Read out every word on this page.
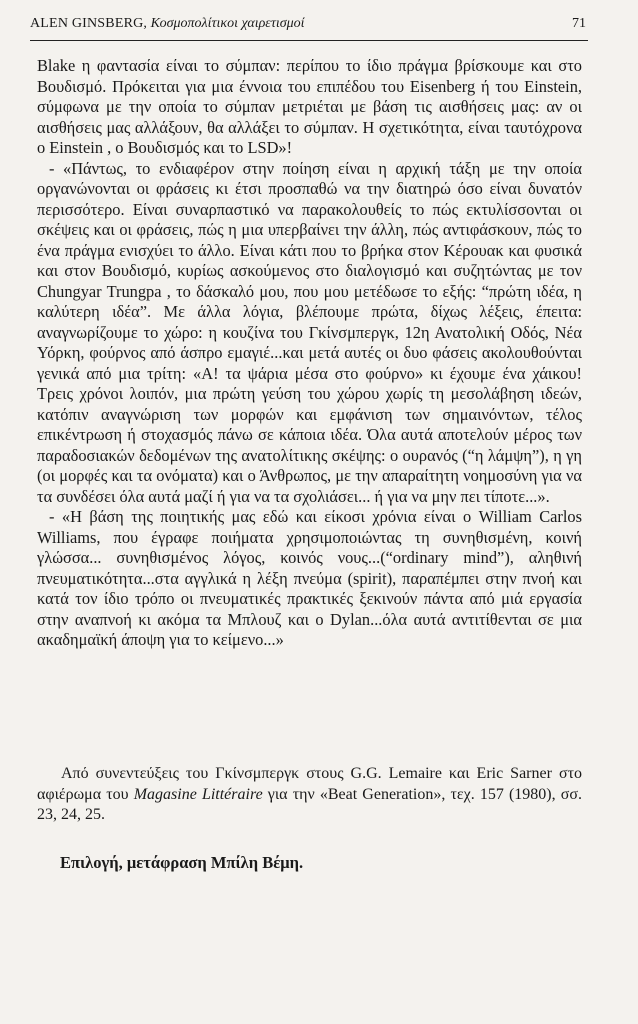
ALEN GINSBERG, Κοσμοπολίτικοι χαιρετισμοί	71

Blake η φαντασία είναι το σύμπαν: περίπου το ίδιο πράγμα βρίσκουμε και στο Βουδισμό. Πρόκειται για μια έννοια του επιπέδου του Eisenberg ή του Einstein, σύμφωνα με την οποία το σύμπαν μετριέται με βάση τις αισθήσεις μας: αν οι αισθήσεις μας αλλάξουν, θα αλλάξει το σύμπαν. Η σχετικότητα, είναι ταυτόχρονα ο Einstein , ο Βουδισμός και το LSD»!

- «Πάντως, το ενδιαφέρον στην ποίηση είναι η αρχική τάξη με την οποία οργανώνονται οι φράσεις κι έτσι προσπαθώ να την διατηρώ όσο είναι δυνατόν περισσότερο. Είναι συναρπαστικό να παρακολουθείς το πώς εκτυλίσσονται οι σκέψεις και οι φράσεις, πώς η μια υπερβαίνει την άλλη, πώς αντιφάσκουν, πώς το ένα πράγμα ενισχύει το άλλο. Είναι κάτι που το βρήκα στον Κέρουακ και φυσικά και στον Βουδισμό, κυρίως ασκούμενος στο διαλογισμό και συζητώντας με τον Chungyar Trungpa , το δάσκαλό μου, που μου μετέδωσε το εξής: “πρώτη ιδέα, η καλύτερη ιδέα”. Με άλλα λόγια, βλέπουμε πρώτα, δίχως λέξεις, έπειτα: αναγνωρίζουμε το χώρο: η κουζίνα του Γκίνσμπεργκ, 12η Ανατολική Οδός, Νέα Υόρκη, φούρνος από άσπρο εμαγιέ...και μετά αυτές οι δυο φάσεις ακολουθούνται γενικά από μια τρίτη: «Α! τα ψάρια μέσα στο φούρνο» κι έχουμε ένα χάικου! Τρεις χρόνοι λοιπόν, μια πρώτη γεύση του χώρου χωρίς τη μεσολάβηση ιδεών, κατόπιν αναγνώριση των μορφών και εμφάνιση των σημαινόντων, τέλος επικέντρωση ή στοχασμός πάνω σε κάποια ιδέα. Όλα αυτά αποτελούν μέρος των παραδοσιακών δεδομένων της ανατολίτικης σκέψης: ο ουρανός (“η λάμψη”), η γη (οι μορφές και τα ονόματα) και ο Άνθρωπος, με την απαραίτητη νοημοσύνη για να τα συνδέσει όλα αυτά μαζί ή για να τα σχολιάσει... ή για να μην πει τίποτε...».

- «Η βάση της ποιητικής μας εδώ και είκοσι χρόνια είναι ο William Carlos Williams, που έγραφε ποιήματα χρησιμοποιώντας τη συνηθισμένη, κοινή γλώσσα... συνηθισμένος λόγος, κοινός νους...(“ordinary mind”), αληθινή πνευματικότητα...στα αγγλικά η λέξη πνεύμα (spirit), παραπέμπει στην πνοή και κατά τον ίδιο τρόπο οι πνευματικές πρακτικές ξεκινούν πάντα από μιά εργασία στην αναπνοή κι ακόμα τα Μπλουζ και ο Dylan...όλα αυτά αντιτίθενται σε μια ακαδημαϊκή άποψη για το κείμενο...»

Από συνεντεύξεις του Γκίνσμπεργκ στους G.G. Lemaire και Eric Sarner στο αφιέρωμα του Magasine Littéraire για την «Beat Generation», τεχ. 157 (1980), σσ. 23, 24, 25.
Επιλογή, μετάφραση Μπίλη Βέμη.
